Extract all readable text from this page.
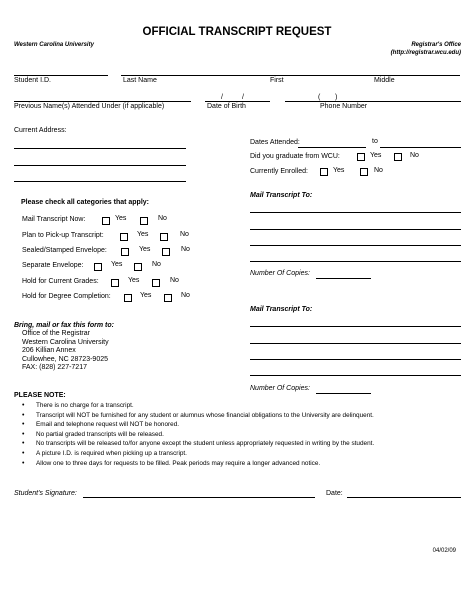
OFFICIAL TRANSCRIPT REQUEST
Western Carolina University	Registrar's Office
(http://registrar.wcu.edu)
Student I.D.	Last Name	First	Middle
/	/	( )
Previous Name(s) Attended Under (if applicable)	Date of Birth	Phone Number
Current Address:
Dates Attended:	to
Did you graduate from WCU:	Yes	No
Currently Enrolled:	Yes	No
Please check all categories that apply:
Mail Transcript Now:	Yes	No
Plan to Pick-up Transcript:	Yes	No
Sealed/Stamped Envelope:	Yes	No
Separate Envelope:	Yes	No
Hold for Current Grades:	Yes	No
Hold for Degree Completion:	Yes	No
Mail Transcript To:
Number Of Copies:
Mail Transcript To:
Number Of Copies:
Bring, mail or fax this form to:
Office of the Registrar
Western Carolina University
206 Killian Annex
Cullowhee, NC 28723-9025
FAX: (828) 227-7217
PLEASE NOTE:
• There is no charge for a transcript.
• Transcript will NOT be furnished for any student or alumnus whose financial obligations to the University are delinquent.
• Email and telephone request will NOT be honored.
• No partial graded transcripts will be released.
• No transcripts will be released to/for anyone except the student unless appropriately requested in writing by the student.
• A picture I.D. is required when picking up a transcript.
• Allow one to three days for requests to be filled. Peak periods may require a longer advanced notice.
Student's Signature:	Date:
04/02/09
